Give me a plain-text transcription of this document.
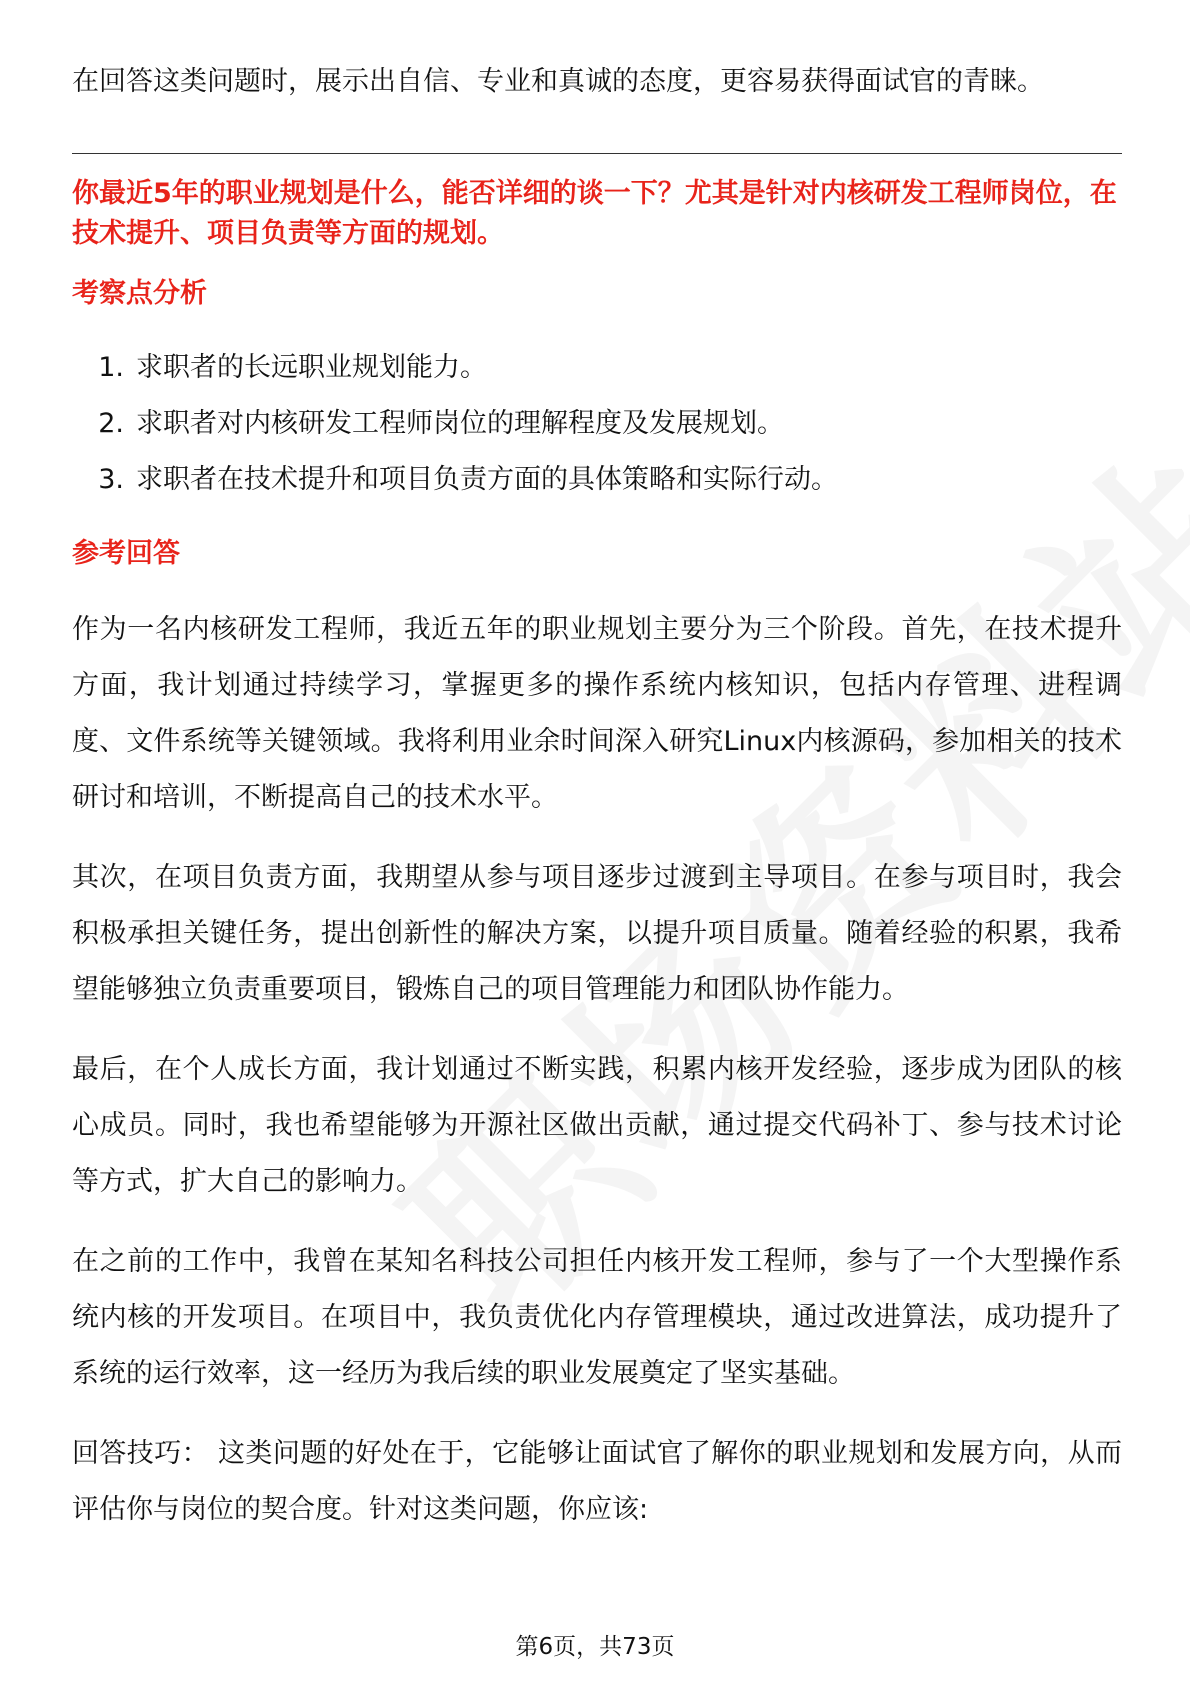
在回答这类问题时，展示出自信、专业和真诚的态度，更容易获得面试官的青睐。

你最近5年的职业规划是什么，能否详细的谈一下？尤其是针对内核研发工程师岗位，在技术提升、项目负责等方面的规划。

考察点分析

1. 求职者的长远职业规划能力。
2. 求职者对内核研发工程师岗位的理解程度及发展规划。
3. 求职者在技术提升和项目负责方面的具体策略和实际行动。

参考回答

作为一名内核研发工程师，我近五年的职业规划主要分为三个阶段。首先，在技术提升方面，我计划通过持续学习，掌握更多的操作系统内核知识，包括内存管理、进程调度、文件系统等关键领域。我将利用业余时间深入研究Linux内核源码，参加相关的技术研讨和培训，不断提高自己的技术水平。

其次，在项目负责方面，我期望从参与项目逐步过渡到主导项目。在参与项目时，我会积极承担关键任务，提出创新性的解决方案，以提升项目质量。随着经验的积累，我希望能够独立负责重要项目，锻炼自己的项目管理能力和团队协作能力。

最后，在个人成长方面，我计划通过不断实践，积累内核开发经验，逐步成为团队的核心成员。同时，我也希望能够为开源社区做出贡献，通过提交代码补丁、参与技术讨论等方式，扩大自己的影响力。

在之前的工作中，我曾在某知名科技公司担任内核开发工程师，参与了一个大型操作系统内核的开发项目。在项目中，我负责优化内存管理模块，通过改进算法，成功提升了系统的运行效率，这一经历为我后续的职业发展奠定了坚实基础。

回答技巧： 这类问题的好处在于，它能够让面试官了解你的职业规划和发展方向，从而评估你与岗位的契合度。针对这类问题，你应该:

第6页，共73页
